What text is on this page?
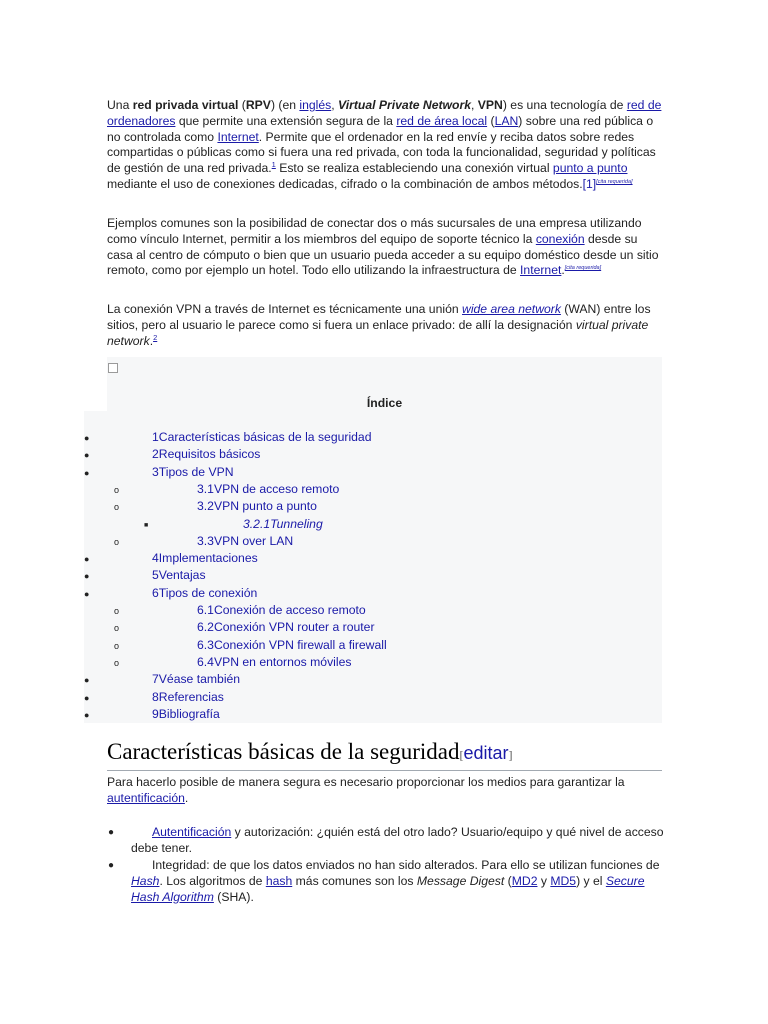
Una red privada virtual (RPV) (en inglés, Virtual Private Network, VPN) es una tecnología de red de ordenadores que permite una extensión segura de la red de área local (LAN) sobre una red pública o no controlada como Internet. Permite que el ordenador en la red envíe y reciba datos sobre redes compartidas o públicas como si fuera una red privada, con toda la funcionalidad, seguridad y políticas de gestión de una red privada.$^1$ Esto se realiza estableciendo una conexión virtual punto a punto mediante el uso de conexiones dedicadas, cifrado o la combinación de ambos métodos.[1][cita requerida]

Ejemplos comunes son la posibilidad de conectar dos o más sucursales de una empresa utilizando como vínculo Internet, permitir a los miembros del equipo de soporte técnico la conexión desde su casa al centro de cómputo o bien que un usuario pueda acceder a su equipo doméstico desde un sitio remoto, como por ejemplo un hotel. Todo ello utilizando la infraestructura de Internet.[cita requerida]

La conexión VPN a través de Internet es técnicamente una unión wide area network (WAN) entre los sitios, pero al usuario le parece como si fuera un enlace privado: de allí la designación virtual private network.$^2$

Índice
●	1Características básicas de la seguridad
●	2Requisitos básicos
●	3Tipos de VPN
o	3.1VPN de acceso remoto
o	3.2VPN punto a punto
■	3.2.1Tunneling
o	3.3VPN over LAN
●	4Implementaciones
●	5Ventajas
●	6Tipos de conexión
o	6.1Conexión de acceso remoto
o	6.2Conexión VPN router a router
o	6.3Conexión VPN firewall a firewall
o	6.4VPN en entornos móviles
●	7Véase también
●	8Referencias
●	9Bibliografía
Características básicas de la seguridad[editar]

Para hacerlo posible de manera segura es necesario proporcionar los medios para garantizar la autentificación.

●	Autentificación y autorización: ¿quién está del otro lado? Usuario/equipo y qué nivel de acceso debe tener.
●	Integridad: de que los datos enviados no han sido alterados. Para ello se utilizan funciones de Hash. Los algoritmos de hash más comunes son los Message Digest (MD2 y MD5) y el Secure Hash Algorithm (SHA).
